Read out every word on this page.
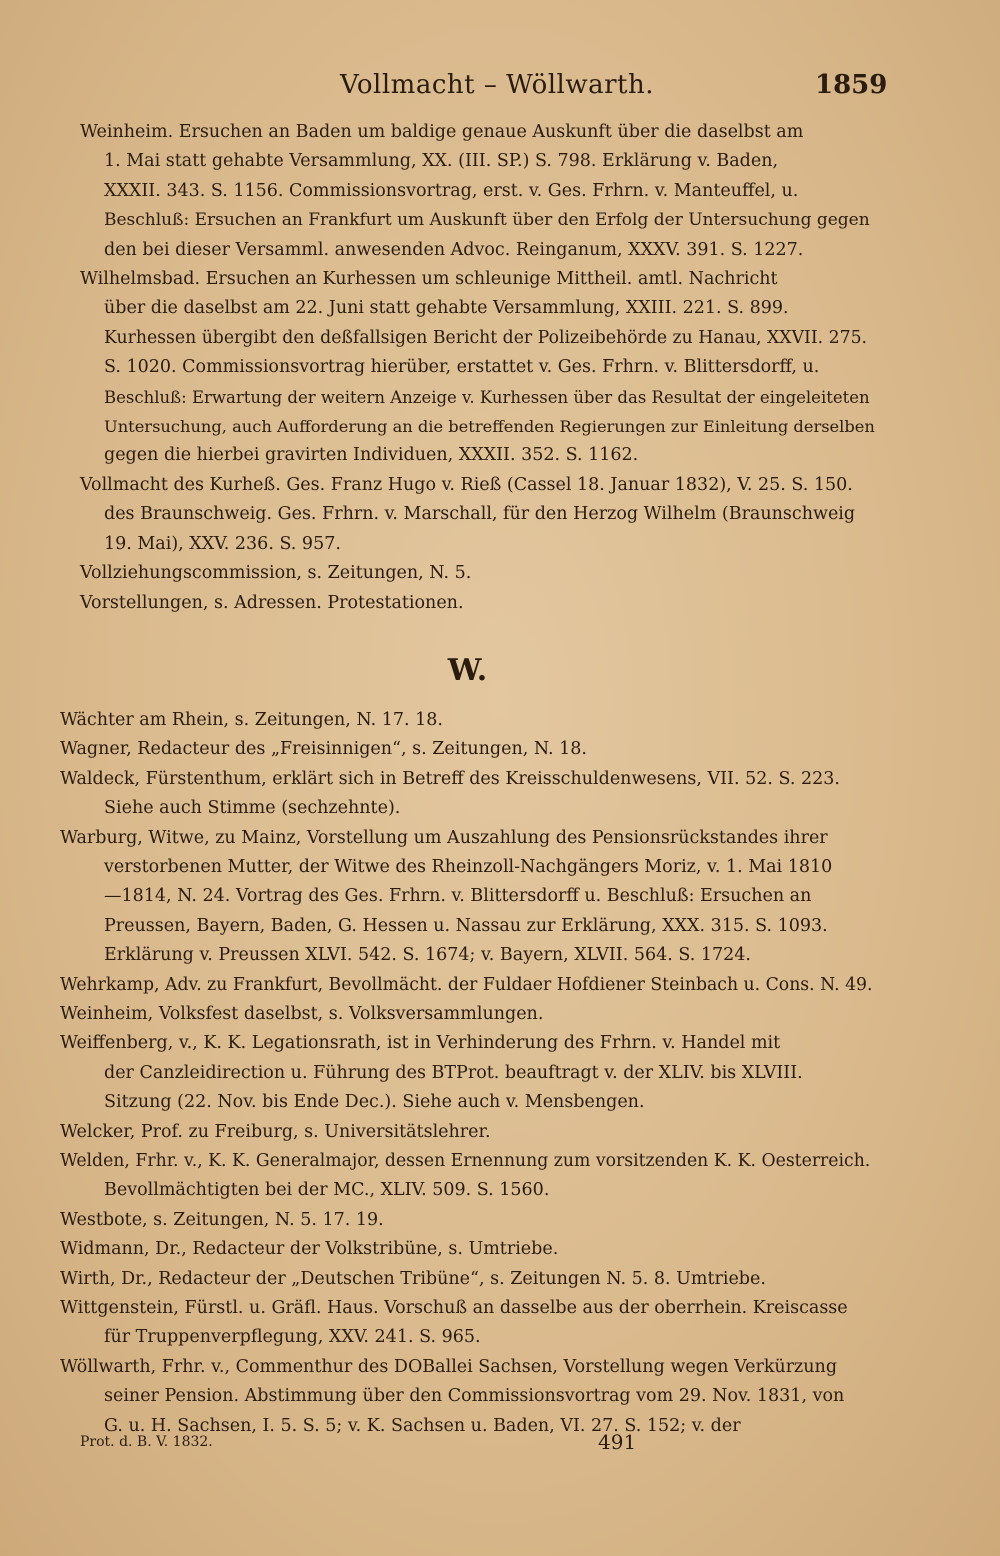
Vollmacht – Wöllwarth.	1859
Weinheim. Ersuchen an Baden um baldige genaue Auskunft über die daselbst am
1. Mai statt gehabte Versammlung, XX. (III. SP.) S. 798. Erklärung v. Baden,
XXXII. 343. S. 1156. Commissionsvortrag, erst. v. Ges. Frhrn. v. Manteuffel, u.
Beschluß: Ersuchen an Frankfurt um Auskunft über den Erfolg der Untersuchung gegen
den bei dieser Versamml. anwesenden Advoc. Reinganum, XXXV. 391. S. 1227.
Wilhelmsbad. Ersuchen an Kurhessen um schleunige Mittheil. amtl. Nachricht
über die daselbst am 22. Juni statt gehabte Versammlung, XXIII. 221. S. 899.
Kurhessen übergibt den deßfallsigen Bericht der Polizeibehörde zu Hanau, XXVII. 275.
S. 1020. Commissionsvortrag hierüber, erstattet v. Ges. Frhrn. v. Blittersdorff, u.
Beschluß: Erwartung der weitern Anzeige v. Kurhessen über das Resultat der eingeleiteten
Untersuchung, auch Aufforderung an die betreffenden Regierungen zur Einleitung derselben
gegen die hierbei gravirten Individuen, XXXII. 352. S. 1162.
Vollmacht des Kurheß. Ges. Franz Hugo v. Rieß (Cassel 18. Januar 1832), V. 25. S. 150.
des Braunschweig. Ges. Frhrn. v. Marschall, für den Herzog Wilhelm (Braunschweig
19. Mai), XXV. 236. S. 957.
Vollziehungscommission, s. Zeitungen, N. 5.
Vorstellungen, s. Adressen. Protestationen.
W.
Wächter am Rhein, s. Zeitungen, N. 17. 18.
Wagner, Redacteur des „Freisinnigen“, s. Zeitungen, N. 18.
Waldeck, Fürstenthum, erklärt sich in Betreff des Kreisschuldenwesens, VII. 52. S. 223.
Siehe auch Stimme (sechzehnte).
Warburg, Witwe, zu Mainz, Vorstellung um Auszahlung des Pensionsrückstandes ihrer
verstorbenen Mutter, der Witwe des Rheinzoll-Nachgängers Moriz, v. 1. Mai 1810
—1814, N. 24. Vortrag des Ges. Frhrn. v. Blittersdorff u. Beschluß: Ersuchen an
Preussen, Bayern, Baden, G. Hessen u. Nassau zur Erklärung, XXX. 315. S. 1093.
Erklärung v. Preussen XLVI. 542. S. 1674; v. Bayern, XLVII. 564. S. 1724.
Wehrkamp, Adv. zu Frankfurt, Bevollmächt. der Fuldaer Hofdiener Steinbach u. Cons. N. 49.
Weinheim, Volksfest daselbst, s. Volksversammlungen.
Weiffenberg, v., K. K. Legationsrath, ist in Verhinderung des Frhrn. v. Handel mit
der Canzleidirection u. Führung des BTProt. beauftragt v. der XLIV. bis XLVIII.
Sitzung (22. Nov. bis Ende Dec.). Siehe auch v. Mensbengen.
Welcker, Prof. zu Freiburg, s. Universitätslehrer.
Welden, Frhr. v., K. K. Generalmajor, dessen Ernennung zum vorsitzenden K. K. Oesterreich.
Bevollmächtigten bei der MC., XLIV. 509. S. 1560.
Westbote, s. Zeitungen, N. 5. 17. 19.
Widmann, Dr., Redacteur der Volkstribüne, s. Umtriebe.
Wirth, Dr., Redacteur der „Deutschen Tribüne“, s. Zeitungen N. 5. 8. Umtriebe.
Wittgenstein, Fürstl. u. Gräfl. Haus. Vorschuß an dasselbe aus der oberrhein. Kreiscasse
für Truppenverpflegung, XXV. 241. S. 965.
Wöllwarth, Frhr. v., Commenthur des DOBallei Sachsen, Vorstellung wegen Verkürzung
seiner Pension. Abstimmung über den Commissionsvortrag vom 29. Nov. 1831, von
G. u. H. Sachsen, I. 5. S. 5; v. K. Sachsen u. Baden, VI. 27. S. 152; v. der
Prot. d. B. V. 1832.	491
